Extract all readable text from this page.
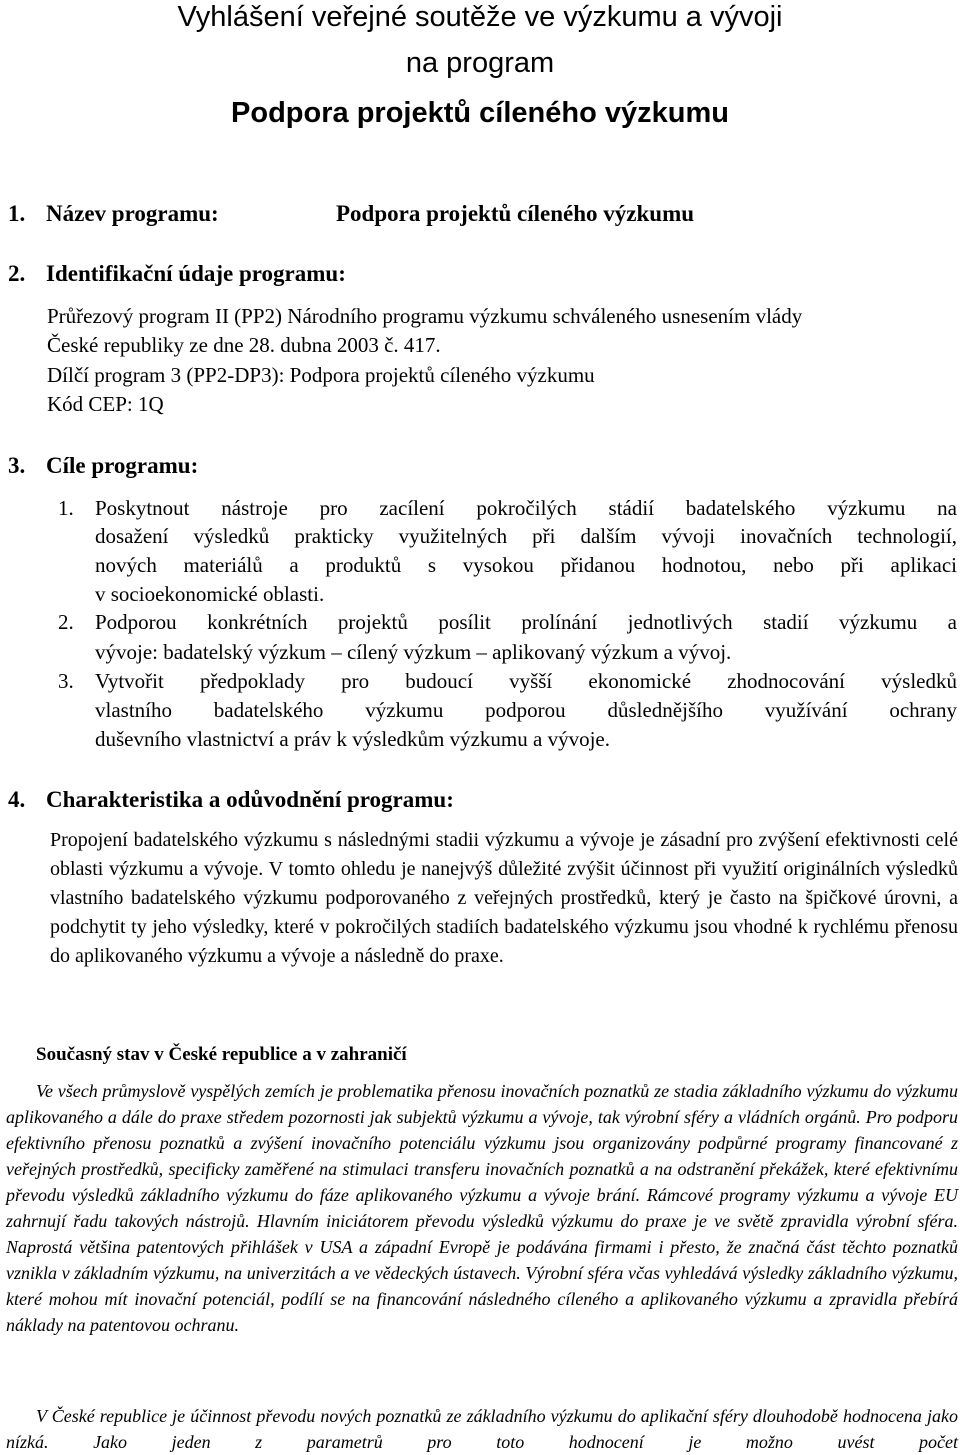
Vyhlášení veřejné soutěže ve výzkumu a vývoji

na program

Podpora projektů cíleného výzkumu

1. Název programu:	Podpora projektů cíleného výzkumu

2. Identifikační údaje programu:

Průřezový program II (PP2) Národního programu výzkumu schváleného usnesením vlády

České republiky ze dne 28. dubna 2003 č. 417.

Dílčí program 3 (PP2-DP3): Podpora projektů cíleného výzkumu

Kód CEP: 1Q

3. Cíle programu:

1. Poskytnout nástroje pro zacílení pokročilých stádií badatelského výzkumu na

dosažení výsledků prakticky využitelných při dalším vývoji inovačních technologií,

nových materiálů a produktů s vysokou přidanou hodnotou, nebo při aplikaci

v socioekonomické oblasti.

2. Podporou konkrétních projektů posílit prolínání jednotlivých stadií výzkumu a

vývoje: badatelský výzkum – cílený výzkum – aplikovaný výzkum a vývoj.

3. Vytvořit předpoklady pro budoucí vyšší ekonomické zhodnocování výsledků

vlastního badatelského výzkumu podporou důslednějšího využívání ochrany

duševního vlastnictví a práv k výsledkům výzkumu a vývoje.

4. Charakteristika a odůvodnění programu:

Propojení badatelského výzkumu s následnými stadii výzkumu a vývoje je zásadní pro zvýšení efektivnosti celé oblasti výzkumu a vývoje. V tomto ohledu je nanejvýš důležité zvýšit účinnost při využití originálních výsledků vlastního badatelského výzkumu podporovaného z veřejných prostředků, který je často na špičkové úrovni, a podchytit ty jeho výsledky, které v pokročilých stadiích badatelského výzkumu jsou vhodné k rychlému přenosu do aplikovaného výzkumu a vývoje a následně do praxe.

Současný stav v České republice a v zahraničí

Ve všech průmyslově vyspělých zemích je problematika přenosu inovačních poznatků ze stadia základního výzkumu do výzkumu aplikovaného a dále do praxe středem pozornosti jak subjektů výzkumu a vývoje, tak výrobní sféry a vládních orgánů. Pro podporu efektivního přenosu poznatků a zvýšení inovačního potenciálu výzkumu jsou organizovány podpůrné programy financované z veřejných prostředků, specificky zaměřené na stimulaci transferu inovačních poznatků a na odstranění překážek, které efektivnímu převodu výsledků základního výzkumu do fáze aplikovaného výzkumu a vývoje brání. Rámcové programy výzkumu a vývoje EU zahrnují řadu takových nástrojů. Hlavním iniciátorem převodu výsledků výzkumu do praxe je ve světě zpravidla výrobní sféra. Naprostá většina patentových přihlášek v USA a západní Evropě je podávána firmami i přesto, že značná část těchto poznatků vznikla v základním výzkumu, na univerzitách a ve vědeckých ústavech. Výrobní sféra včas vyhledává výsledky základního výzkumu, které mohou mít inovační potenciál, podílí se na financování následného cíleného a aplikovaného výzkumu a zpravidla přebírá náklady na patentovou ochranu.

V České republice je účinnost převodu nových poznatků ze základního výzkumu do aplikační sféry dlouhodobě hodnocena jako nízká. Jako jeden z parametrů pro toto hodnocení je možno uvést počet
